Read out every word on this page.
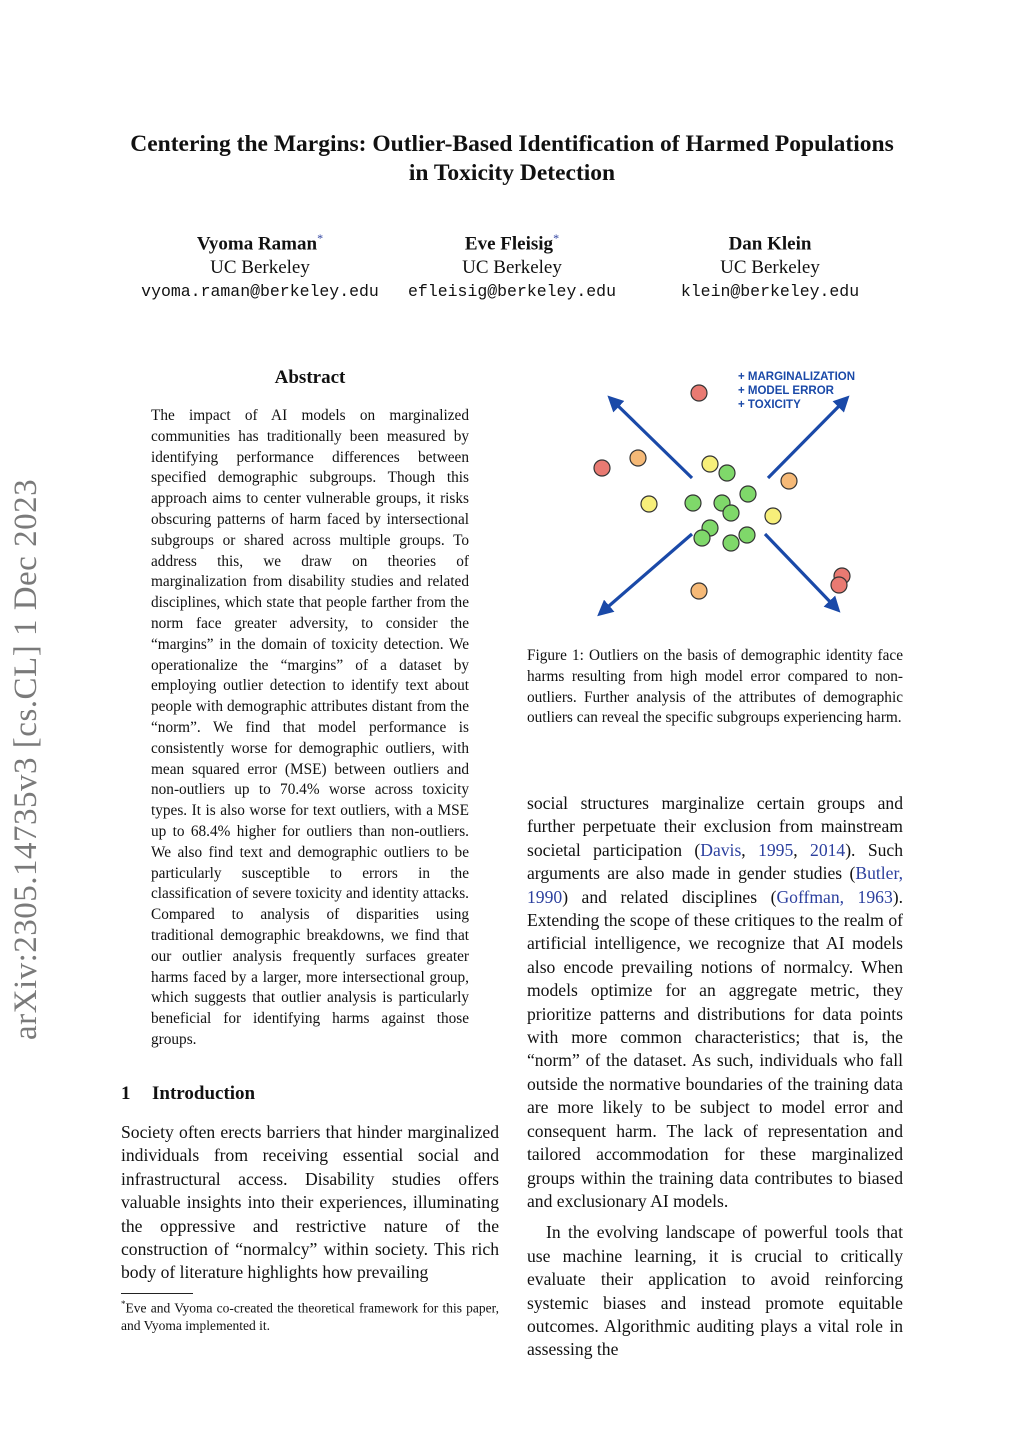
Centering the Margins: Outlier-Based Identification of Harmed Populations in Toxicity Detection
Vyoma Raman*
UC Berkeley
vyoma.raman@berkeley.edu
Eve Fleisig*
UC Berkeley
efleisig@berkeley.edu
Dan Klein
UC Berkeley
klein@berkeley.edu
arXiv:2305.14735v3 [cs.CL] 1 Dec 2023
Abstract
The impact of AI models on marginalized communities has traditionally been measured by identifying performance differences between specified demographic subgroups. Though this approach aims to center vulnerable groups, it risks obscuring patterns of harm faced by intersectional subgroups or shared across multiple groups. To address this, we draw on theories of marginalization from disability studies and related disciplines, which state that people farther from the norm face greater adversity, to consider the “margins” in the domain of toxicity detection. We operationalize the “margins” of a dataset by employing outlier detection to identify text about people with demographic attributes distant from the “norm”. We find that model performance is consistently worse for demographic outliers, with mean squared error (MSE) between outliers and non-outliers up to 70.4% worse across toxicity types. It is also worse for text outliers, with a MSE up to 68.4% higher for outliers than non-outliers. We also find text and demographic outliers to be particularly susceptible to errors in the classification of severe toxicity and identity attacks. Compared to analysis of disparities using traditional demographic breakdowns, we find that our outlier analysis frequently surfaces greater harms faced by a larger, more intersectional group, which suggests that outlier analysis is particularly beneficial for identifying harms against those groups.
1 Introduction
Society often erects barriers that hinder marginalized individuals from receiving essential social and infrastructural access. Disability studies offers valuable insights into their experiences, illuminating the oppressive and restrictive nature of the construction of “normalcy” within society. This rich body of literature highlights how prevailing
*Eve and Vyoma co-created the theoretical framework for this paper, and Vyoma implemented it.
+ MARGINALIZATION
+ MODEL ERROR
+ TOXICITY
Figure 1: Outliers on the basis of demographic identity face harms resulting from high model error compared to non-outliers. Further analysis of the attributes of demographic outliers can reveal the specific subgroups experiencing harm.

social structures marginalize certain groups and further perpetuate their exclusion from mainstream societal participation (Davis, 1995, 2014). Such arguments are also made in gender studies (Butler, 1990) and related disciplines (Goffman, 1963). Extending the scope of these critiques to the realm of artificial intelligence, we recognize that AI models also encode prevailing notions of normalcy. When models optimize for an aggregate metric, they prioritize patterns and distributions for data points with more common characteristics; that is, the “norm” of the dataset. As such, individuals who fall outside the normative boundaries of the training data are more likely to be subject to model error and consequent harm. The lack of representation and tailored accommodation for these marginalized groups within the training data contributes to biased and exclusionary AI models.

In the evolving landscape of powerful tools that use machine learning, it is crucial to critically evaluate their application to avoid reinforcing systemic biases and instead promote equitable outcomes. Algorithmic auditing plays a vital role in assessing the
